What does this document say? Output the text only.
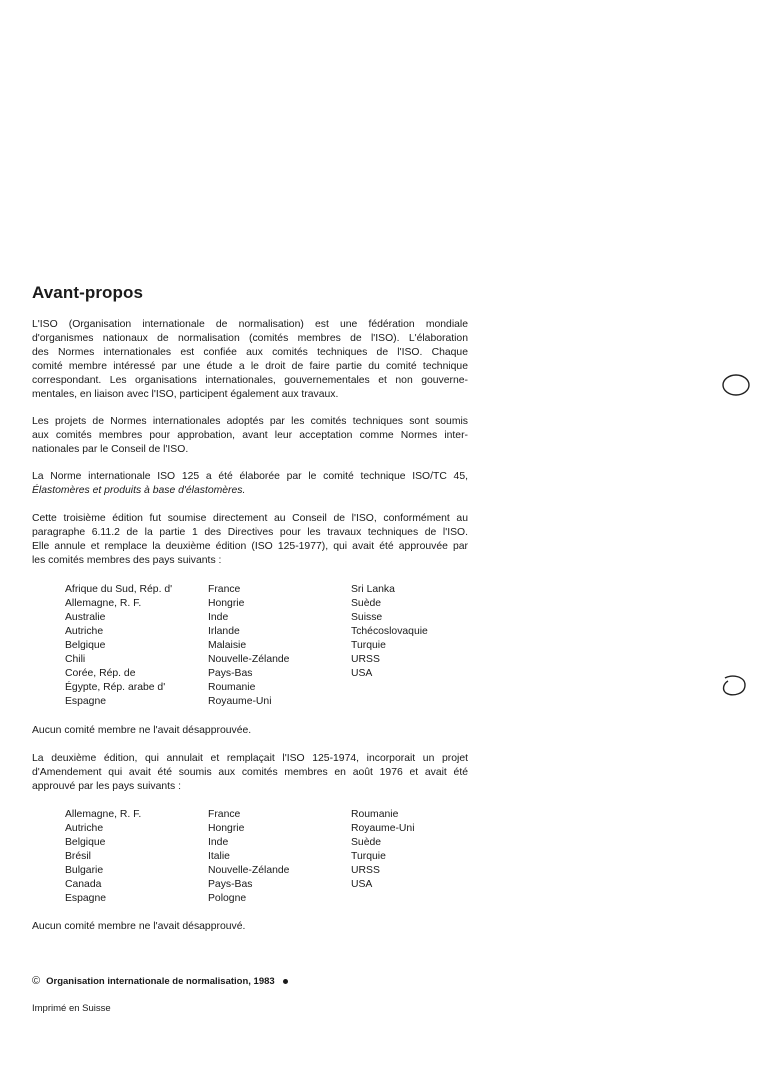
Avant-propos

L'ISO (Organisation internationale de normalisation) est une fédération mondiale
d'organismes nationaux de normalisation (comités membres de l'ISO). L'élaboration
des Normes internationales est confiée aux comités techniques de l'ISO. Chaque
comité membre intéressé par une étude a le droit de faire partie du comité technique
correspondant. Les organisations internationales, gouvernementales et non gouverne-
mentales, en liaison avec l'ISO, participent également aux travaux.

Les projets de Normes internationales adoptés par les comités techniques sont soumis
aux comités membres pour approbation, avant leur acceptation comme Normes inter-
nationales par le Conseil de l'ISO.

La Norme internationale ISO 125 a été élaborée par le comité technique ISO/TC 45,
Élastomères et produits à base d'élastomères.

Cette troisième édition fut soumise directement au Conseil de l'ISO, conformément au
paragraphe 6.11.2 de la partie 1 des Directives pour les travaux techniques de l'ISO.
Elle annule et remplace la deuxième édition (ISO 125-1977), qui avait été approuvée par
les comités membres des pays suivants :

Afrique du Sud, Rép. d'
Allemagne, R. F.
Australie
Autriche
Belgique
Chili
Corée, Rép. de
Égypte, Rép. arabe d'
Espagne
France
Hongrie
Inde
Irlande
Malaisie
Nouvelle-Zélande
Pays-Bas
Roumanie
Royaume-Uni
Sri Lanka
Suède
Suisse
Tchécoslovaquie
Turquie
URSS
USA

Aucun comité membre ne l'avait désapprouvée.

La deuxième édition, qui annulait et remplaçait l'ISO 125-1974, incorporait un projet
d'Amendement qui avait été soumis aux comités membres en août 1976 et avait été
approuvé par les pays suivants :

Allemagne, R. F.
Autriche
Belgique
Brésil
Bulgarie
Canada
Espagne
France
Hongrie
Inde
Italie
Nouvelle-Zélande
Pays-Bas
Pologne
Roumanie
Royaume-Uni
Suède
Turquie
URSS
USA

Aucun comité membre ne l'avait désapprouvé.

© Organisation internationale de normalisation, 1983
Imprimé en Suisse
